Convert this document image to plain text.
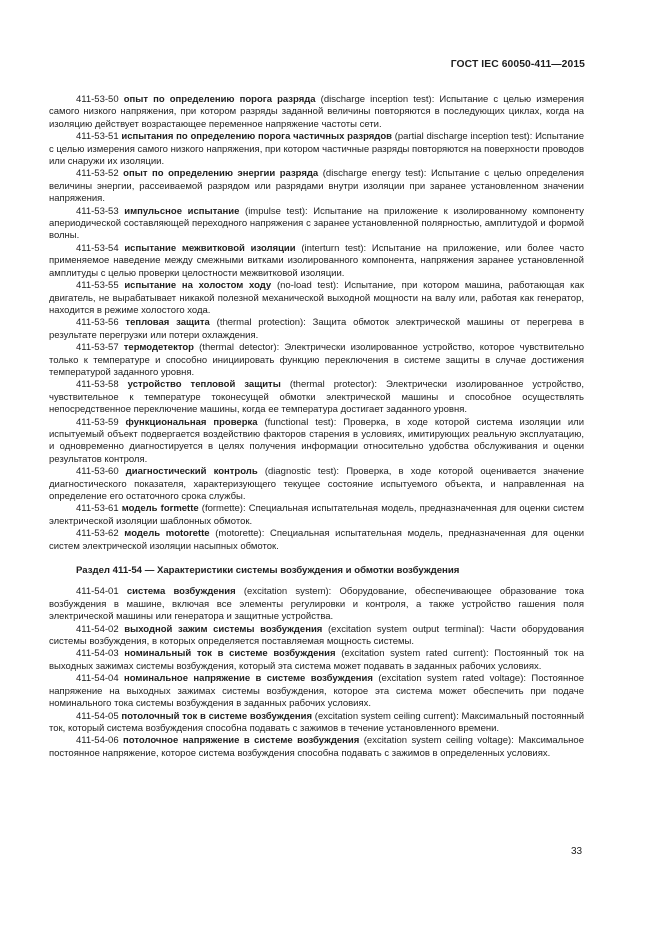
ГОСТ IEC 60050-411—2015

411-53-50 опыт по определению порога разряда (discharge inception test): Испытание с целью измерения самого низкого напряжения, при котором разряды заданной величины повторяются в последующих циклах, когда на изоляцию действует возрастающее переменное напряжение частоты сети.

411-53-51 испытания по определению порога частичных разрядов (partial discharge inception test): Испытание с целью измерения самого низкого напряжения, при котором частичные разряды повторяются на поверхности проводов или снаружи их изоляции.

411-53-52 опыт по определению энергии разряда (discharge energy test): Испытание с целью определения величины энергии, рассеиваемой разрядом или разрядами внутри изоляции при заранее установленном значении напряжения.

411-53-53 импульсное испытание (impulse test): Испытание на приложение к изолированному компоненту апериодической составляющей переходного напряжения с заранее установленной полярностью, амплитудой и формой волны.

411-53-54 испытание межвитковой изоляции (interturn test): Испытание на приложение, или более часто применяемое наведение между смежными витками изолированного компонента, напряжения заранее установленной амплитуды с целью проверки целостности межвитковой изоляции.

411-53-55 испытание на холостом ходу (no-load test): Испытание, при котором машина, работающая как двигатель, не вырабатывает никакой полезной механической выходной мощности на валу или, работая как генератор, находится в режиме холостого хода.

411-53-56 тепловая защита (thermal protection): Защита обмоток электрической машины от перегрева в результате перегрузки или потери охлаждения.

411-53-57 термодетектор (thermal detector): Электрически изолированное устройство, которое чувствительно только к температуре и способно инициировать функцию переключения в системе защиты в случае достижения температурой заданного уровня.

411-53-58 устройство тепловой защиты (thermal protector): Электрически изолированное устройство, чувствительное к температуре токонесущей обмотки электрической машины и способное осуществлять непосредственное переключение машины, когда ее температура достигает заданного уровня.

411-53-59 функциональная проверка (functional test): Проверка, в ходе которой система изоляции или испытуемый объект подвергается воздействию факторов старения в условиях, имитирующих реальную эксплуатацию, и одновременно диагностируется в целях получения информации относительно удобства обслуживания и оценки результатов контроля.

411-53-60 диагностический контроль (diagnostic test): Проверка, в ходе которой оценивается значение диагностического показателя, характеризующего текущее состояние испытуемого объекта, и направленная на определение его остаточного срока службы.

411-53-61 модель formette (formette): Специальная испытательная модель, предназначенная для оценки систем электрической изоляции шаблонных обмоток.

411-53-62 модель motorette (motorette): Специальная испытательная модель, предназначенная для оценки систем электрической изоляции насыпных обмоток.

Раздел 411-54 — Характеристики системы возбуждения и обмотки возбуждения

411-54-01 система возбуждения (excitation system): Оборудование, обеспечивающее образование тока возбуждения в машине, включая все элементы регулировки и контроля, а также устройство гашения поля электрической машины или генератора и защитные устройства.

411-54-02 выходной зажим системы возбуждения (excitation system output terminal): Части оборудования системы возбуждения, в которых определяется поставляемая мощность системы.

411-54-03 номинальный ток в системе возбуждения (excitation system rated current): Постоянный ток на выходных зажимах системы возбуждения, который эта система может подавать в заданных рабочих условиях.

411-54-04 номинальное напряжение в системе возбуждения (excitation system rated voltage): Постоянное напряжение на выходных зажимах системы возбуждения, которое эта система может обеспечить при подаче номинального тока системы возбуждения в заданных рабочих условиях.

411-54-05 потолочный ток в системе возбуждения (excitation system ceiling current): Максимальный постоянный ток, который система возбуждения способна подавать с зажимов в течение установленного времени.

411-54-06 потолочное напряжение в системе возбуждения (excitation system ceiling voltage): Максимальное постоянное напряжение, которое система возбуждения способна подавать с зажимов в определенных условиях.

33
